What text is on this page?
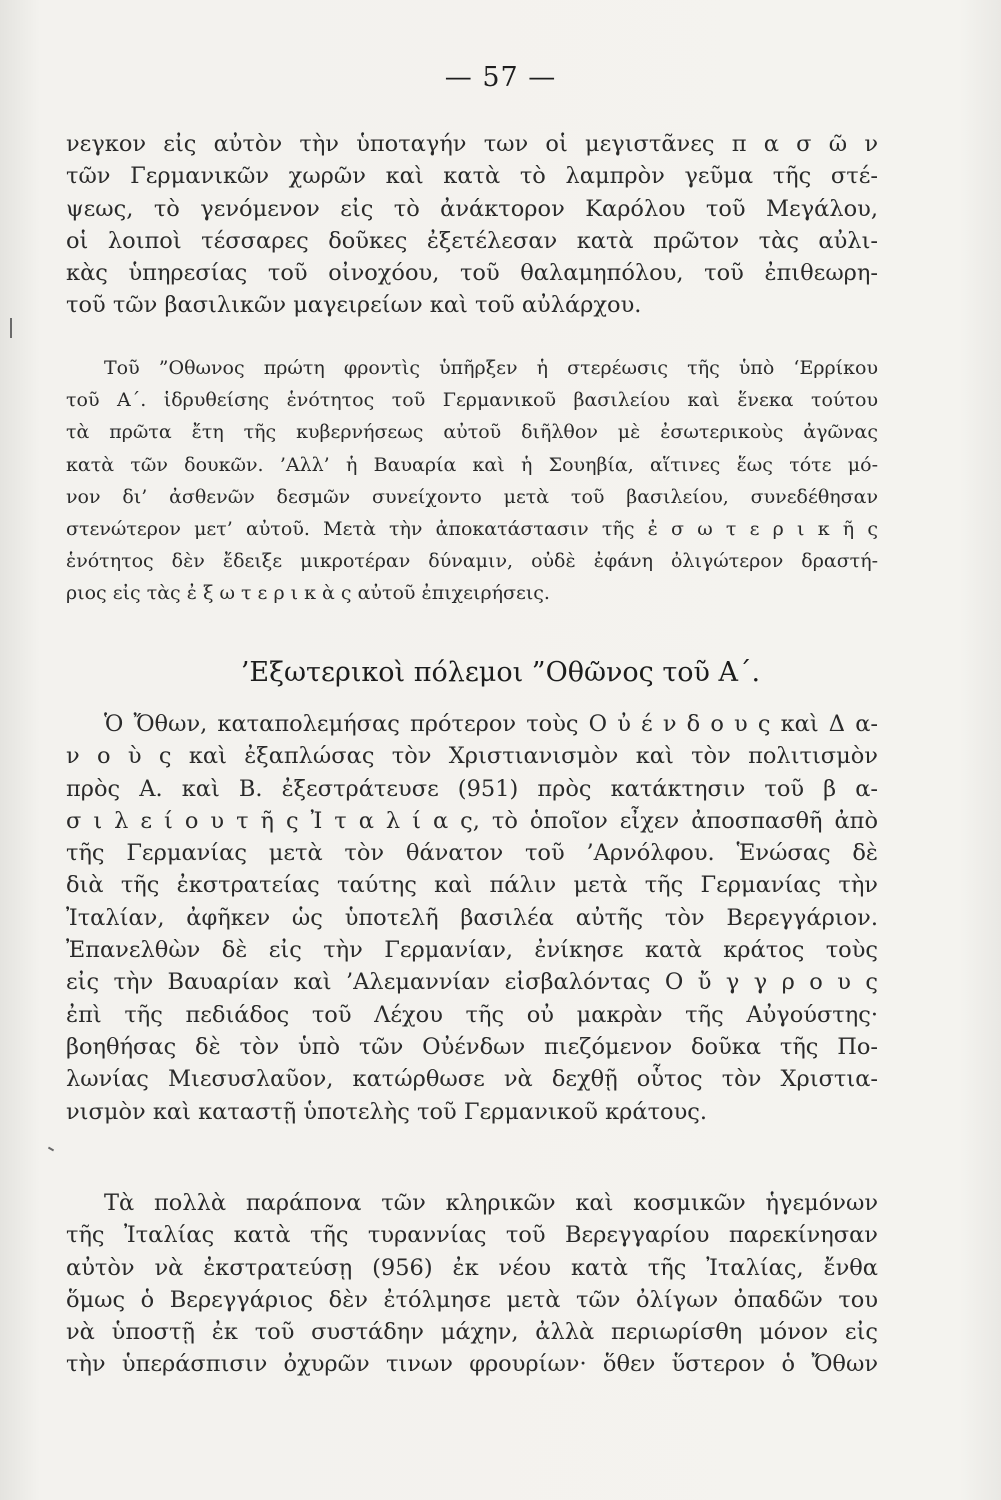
— 57 —
νεγκον εἰς αὐτὸν τὴν ὑποταγήν των οἱ μεγιστᾶνες π α σ ῶ ν
τῶν Γερμανικῶν χωρῶν καὶ κατὰ τὸ λαμπρὸν γεῦμα τῆς στέ-
ψεως, τὸ γενόμενον εἰς τὸ ἀνάκτορον Καρόλου τοῦ Μεγάλου,
οἱ λοιποὶ τέσσαρες δοῦκες ἐξετέλεσαν κατὰ πρῶτον τὰς αὐλι-
κὰς ὑπηρεσίας τοῦ οἰνοχόου, τοῦ θαλαμηπόλου, τοῦ ἐπιθεωρη-
τοῦ τῶν βασιλικῶν μαγειρείων καὶ τοῦ αὐλάρχου.
Τοῦ ”Οθωνος πρώτη φροντὶς ὑπῆρξεν ἡ στερέωσις τῆς ὑπὸ ‘Ερρίκου
τοῦ Α΄. ἱδρυθείσης ἑνότητος τοῦ Γερμανικοῦ βασιλείου καὶ ἕνεκα τούτου
τὰ πρῶτα ἔτη τῆς κυβερνήσεως αὐτοῦ διῆλθον μὲ ἐσωτερικοὺς ἀγῶνας
κατὰ τῶν δουκῶν. ’Αλλ’ ἡ Βαυαρία καὶ ἡ Σουηβία, αἵτινες ἕως τότε μό-
νον δι’ ἀσθενῶν δεσμῶν συνείχοντο μετὰ τοῦ βασιλείου, συνεδέθησαν
στενώτερον μετ’ αὐτοῦ. Μετὰ τὴν ἀποκατάστασιν τῆς ἐ σ ω τ ε ρ ι κ ῆ ς
ἑνότητος δὲν ἔδειξε μικροτέραν δύναμιν, οὐδὲ ἐφάνη ὀλιγώτερον δραστή-
ριος εἰς τὰς ἐ ξ ω τ ε ρ ι κ ὰ ς αὐτοῦ ἐπιχειρήσεις.
’Εξωτερικοὶ πόλεμοι ”Οθῶνος τοῦ Α΄.
Ὁ Ὄθων, καταπολεμήσας πρότερον τοὺς Ο ὐ έ ν δ ο υ ς καὶ Δ α-
ν ο ὺ ς καὶ ἐξαπλώσας τὸν Χριστιανισμὸν καὶ τὸν πολιτισμὸν
πρὸς Α. καὶ Β. ἐξεστράτευσε (951) πρὸς κατάκτησιν τοῦ β α-
σ ι λ ε ί ο υ τ ῆ ς Ἰ τ α λ ί α ς, τὸ ὁποῖον εἶχεν ἀποσπασθῆ ἀπὸ
τῆς Γερμανίας μετὰ τὸν θάνατον τοῦ ’Αρνόλφου. Ἑνώσας δὲ
διὰ τῆς ἐκστρατείας ταύτης καὶ πάλιν μετὰ τῆς Γερμανίας τὴν
Ἰταλίαν, ἀφῆκεν ὡς ὑποτελῆ βασιλέα αὐτῆς τὸν Βερεγγάριον.
Ἐπανελθὼν δὲ εἰς τὴν Γερμανίαν, ἐνίκησε κατὰ κράτος τοὺς
εἰς τὴν Βαυαρίαν καὶ ’Αλεμαννίαν εἰσβαλόντας Ο ὔ γ γ ρ ο υ ς
ἐπὶ τῆς πεδιάδος τοῦ Λέχου τῆς οὐ μακρὰν τῆς Αὐγούστης·
βοηθήσας δὲ τὸν ὑπὸ τῶν Οὐένδων πιεζόμενον δοῦκα τῆς Πο-
λωνίας Μιεσυσλαῦον, κατώρθωσε νὰ δεχθῇ οὗτος τὸν Χριστια-
νισμὸν καὶ καταστῇ ὑποτελὴς τοῦ Γερμανικοῦ κράτους.
Τὰ πολλὰ παράπονα τῶν κληρικῶν καὶ κοσμικῶν ἡγεμόνων
τῆς Ἰταλίας κατὰ τῆς τυραννίας τοῦ Βερεγγαρίου παρεκίνησαν
αὐτὸν νὰ ἐκστρατεύσῃ (956) ἐκ νέου κατὰ τῆς Ἰταλίας, ἔνθα
ὅμως ὁ Βερεγγάριος δὲν ἐτόλμησε μετὰ τῶν ὀλίγων ὀπαδῶν του
νὰ ὑποστῇ ἐκ τοῦ συστάδην μάχην, ἀλλὰ περιωρίσθη μόνον εἰς
τὴν ὑπεράσπισιν ὀχυρῶν τινων φρουρίων· ὅθεν ὕστερον ὁ Ὄθων
